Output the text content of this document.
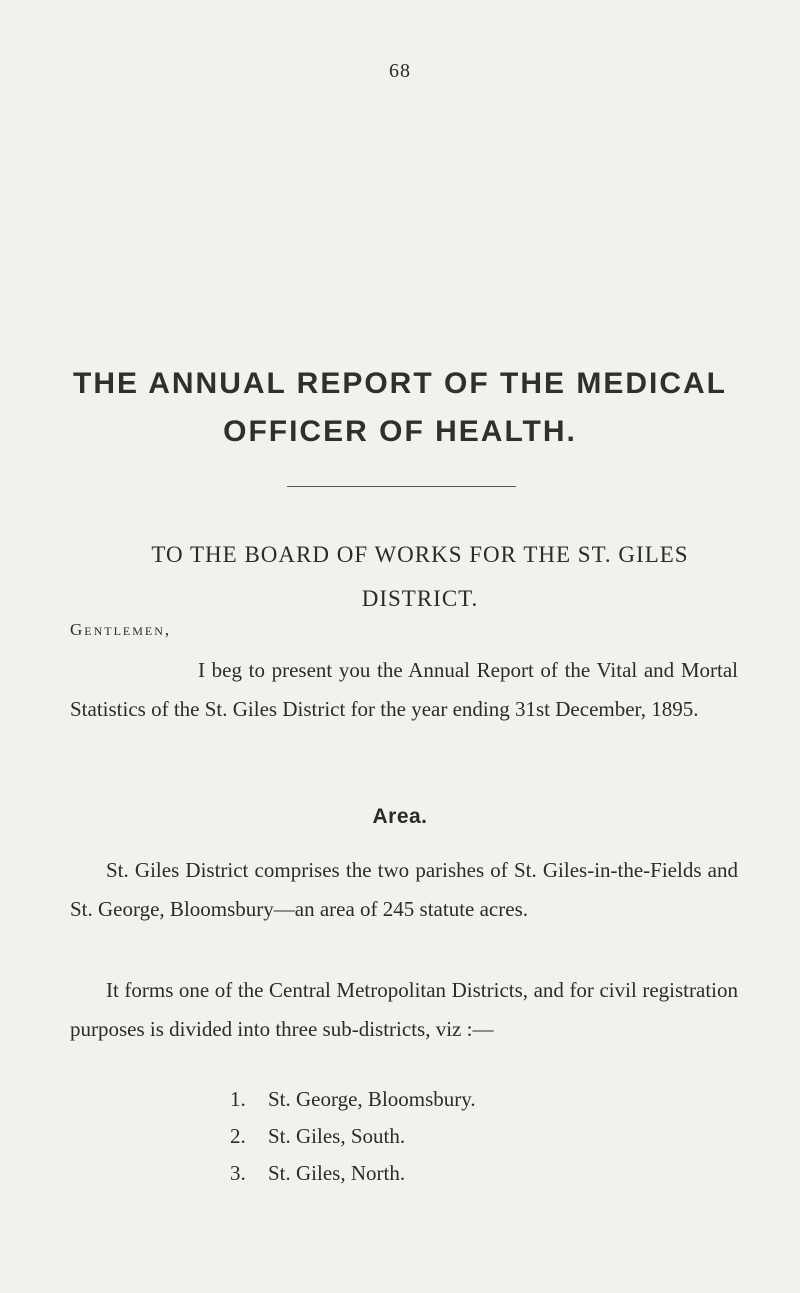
68
THE ANNUAL REPORT OF THE MEDICAL
OFFICER OF HEALTH.
TO THE BOARD OF WORKS FOR THE ST. GILES
DISTRICT.
Gentlemen,

I beg to present you the Annual Report of the Vital and Mortal Statistics of the St. Giles District for the year ending 31st December, 1895.

Area.

St. Giles District comprises the two parishes of St. Giles-in-the-Fields and St. George, Bloomsbury—an area of 245 statute acres.

It forms one of the Central Metropolitan Districts, and for civil registration purposes is divided into three sub-districts, viz :—

1. St. George, Bloomsbury.
2. St. Giles, South.
3. St. Giles, North.
